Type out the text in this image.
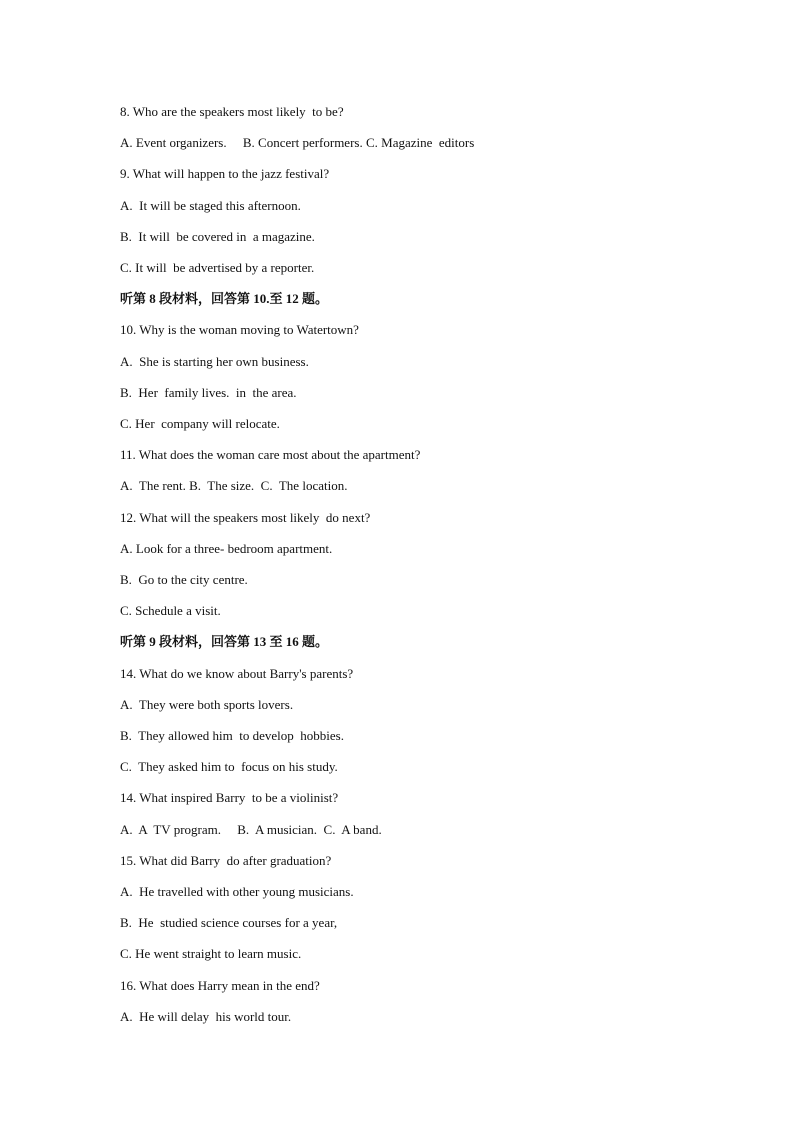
8. Who are the speakers most likely  to be?
A. Event organizers.     B. Concert performers. C. Magazine  editors
9. What will happen to the jazz festival?
A.  It will be staged this afternoon.
B.  It will  be covered in  a magazine.
C. It will  be advertised by a reporter.
听第 8 段材料，回答第 10.至 12 题。
10. Why is the woman moving to Watertown?
A.  She is starting her own business.
B.  Her  family lives.  in  the area.
C. Her  company will relocate.
11. What does the woman care most about the apartment?
A.  The rent. B.  The size.  C.  The location.
12. What will the speakers most likely  do next?
A. Look for a three- bedroom apartment.
B.  Go to the city centre.
C. Schedule a visit.
听第 9 段材料，回答第 13 至 16 题。
14. What do we know about Barry's parents?
A.  They were both sports lovers.
B.  They allowed him  to develop  hobbies.
C.  They asked him to  focus on his study.
14. What inspired Barry  to be a violinist?
A.  A  TV program.     B.  A musician.  C.  A band.
15. What did Barry  do after graduation?
A.  He travelled with other young musicians.
B.  He  studied science courses for a year,
C. He went straight to learn music.
16. What does Harry mean in the end?
A.  He will delay  his world tour.
